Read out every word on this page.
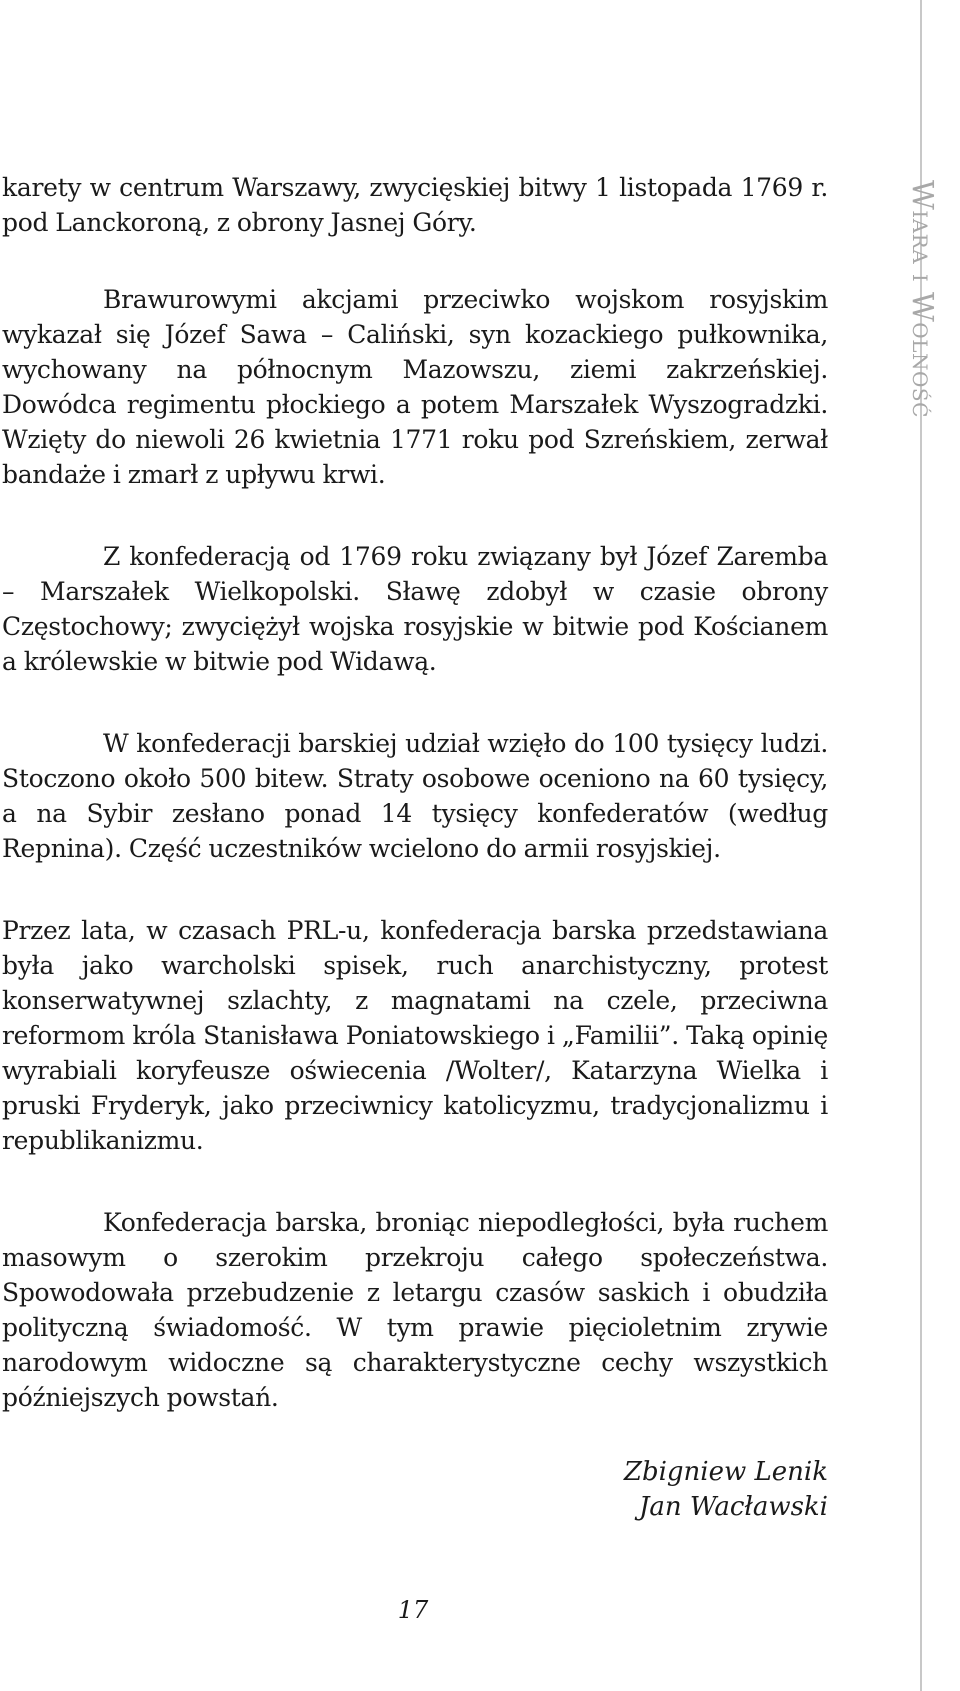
Wiara i Wolność

karety w centrum Warszawy, zwycięskiej bitwy 1 listopada 1769 r. pod Lanckoroną, z obrony Jasnej Góry.

Brawurowymi akcjami przeciwko wojskom rosyjskim wykazał się Józef Sawa – Caliński, syn kozackiego pułkownika, wychowany na północnym Mazowszu, ziemi zakrzeńskiej. Dowódca regimentu płockiego a potem Marszałek Wyszogradzki. Wzięty do niewoli 26 kwietnia 1771 roku pod Szreńskiem, zerwał bandaże i zmarł z upływu krwi.

Z konfederacją od 1769 roku związany był Józef Zaremba – Marszałek Wielkopolski. Sławę zdobył w czasie obrony Częstochowy; zwyciężył wojska rosyjskie w bitwie pod Kościanem a królewskie w bitwie pod Widawą.

W konfederacji barskiej udział wzięło do 100 tysięcy ludzi. Stoczono około 500 bitew. Straty osobowe oceniono na 60 tysięcy, a na Sybir zesłano ponad 14 tysięcy konfederatów (według Repnina). Część uczestników wcielono do armii rosyjskiej.

Przez lata, w czasach PRL-u, konfederacja barska przedstawiana była jako warcholski spisek, ruch anarchistyczny, protest konserwatywnej szlachty, z magnatami na czele, przeciwna reformom króla Stanisława Poniatowskiego i „Familii”. Taką opinię wyrabiali koryfeusze oświecenia /Wolter/, Katarzyna Wielka i pruski Fryderyk, jako przeciwnicy katolicyzmu, tradycjonalizmu i republikanizmu.

Konfederacja barska, broniąc niepodległości, była ruchem masowym o szerokim przekroju całego społeczeństwa. Spowodowała przebudzenie z letargu czasów saskich i obudziła polityczną świadomość. W tym prawie pięcioletnim zrywie narodowym widoczne są charakterystyczne cechy wszystkich późniejszych powstań.

Zbigniew Lenik
Jan Wacławski
17
